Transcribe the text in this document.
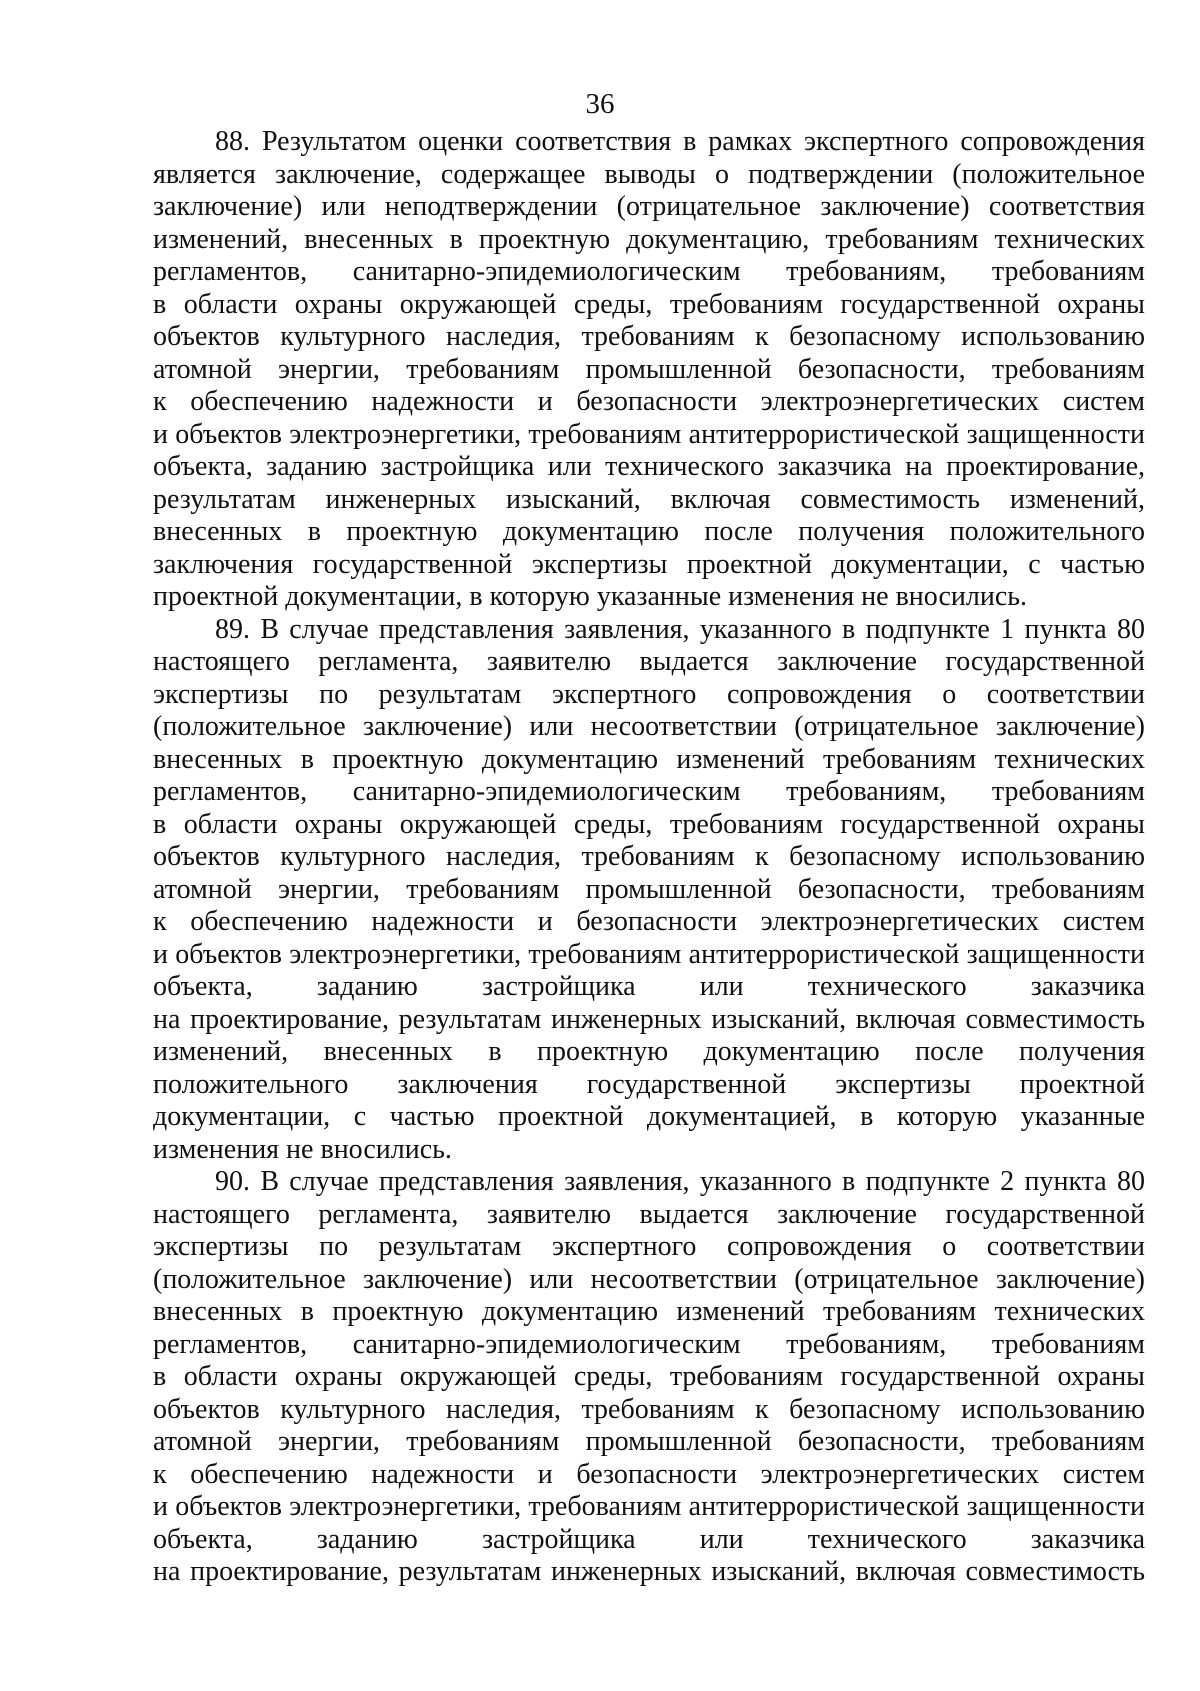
36
88. Результатом оценки соответствия в рамках экспертного сопровождения
является заключение, содержащее выводы о подтверждении (положительное
заключение) или неподтверждении (отрицательное заключение) соответствия
изменений, внесенных в проектную документацию, требованиям технических
регламентов, санитарно-эпидемиологическим требованиям, требованиям
в области охраны окружающей среды, требованиям государственной охраны
объектов культурного наследия, требованиям к безопасному использованию
атомной энергии, требованиям промышленной безопасности, требованиям
к обеспечению надежности и безопасности электроэнергетических систем
и объектов электроэнергетики, требованиям антитеррористической защищенности
объекта, заданию застройщика или технического заказчика на проектирование,
результатам инженерных изысканий, включая совместимость изменений,
внесенных в проектную документацию после получения положительного
заключения государственной экспертизы проектной документации, с частью
проектной документации, в которую указанные изменения не вносились.
89. В случае представления заявления, указанного в подпункте 1 пункта 80
настоящего регламента, заявителю выдается заключение государственной
экспертизы по результатам экспертного сопровождения о соответствии
(положительное заключение) или несоответствии (отрицательное заключение)
внесенных в проектную документацию изменений требованиям технических
регламентов, санитарно-эпидемиологическим требованиям, требованиям
в области охраны окружающей среды, требованиям государственной охраны
объектов культурного наследия, требованиям к безопасному использованию
атомной энергии, требованиям промышленной безопасности, требованиям
к обеспечению надежности и безопасности электроэнергетических систем
и объектов электроэнергетики, требованиям антитеррористической защищенности
объекта, заданию застройщика или технического заказчика
на проектирование, результатам инженерных изысканий, включая совместимость
изменений, внесенных в проектную документацию после получения
положительного заключения государственной экспертизы проектной
документации, с частью проектной документацией, в которую указанные
изменения не вносились.
90. В случае представления заявления, указанного в подпункте 2 пункта 80
настоящего регламента, заявителю выдается заключение государственной
экспертизы по результатам экспертного сопровождения о соответствии
(положительное заключение) или несоответствии (отрицательное заключение)
внесенных в проектную документацию изменений требованиям технических
регламентов, санитарно-эпидемиологическим требованиям, требованиям
в области охраны окружающей среды, требованиям государственной охраны
объектов культурного наследия, требованиям к безопасному использованию
атомной энергии, требованиям промышленной безопасности, требованиям
к обеспечению надежности и безопасности электроэнергетических систем
и объектов электроэнергетики, требованиям антитеррористической защищенности
объекта, заданию застройщика или технического заказчика
на проектирование, результатам инженерных изысканий, включая совместимость
